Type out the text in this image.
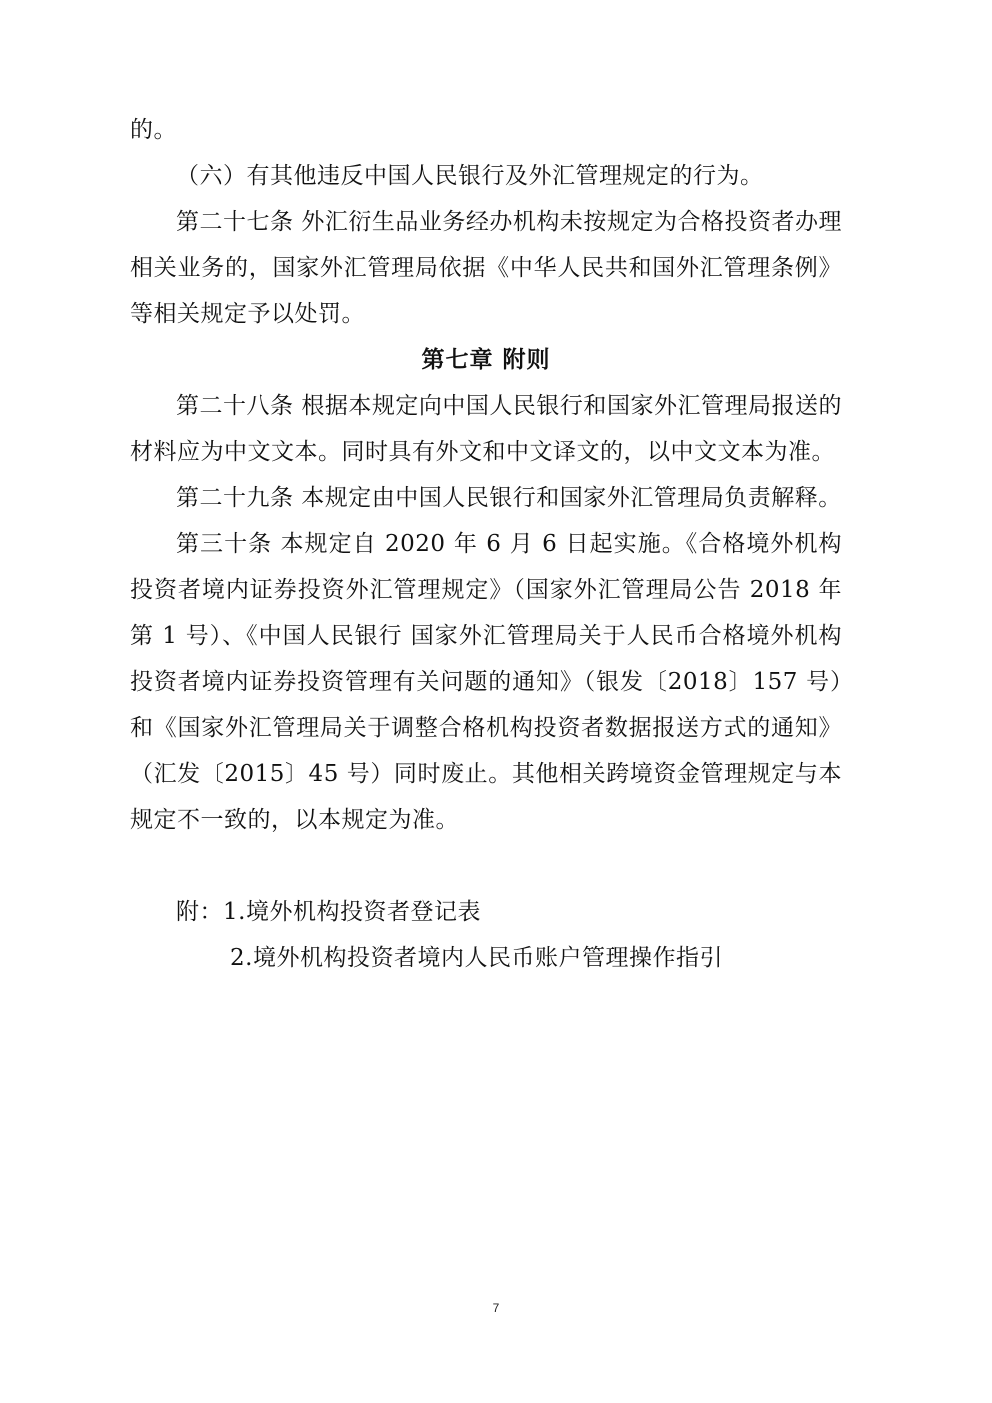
的。

（六）有其他违反中国人民银行及外汇管理规定的行为。

第二十七条 外汇衍生品业务经办机构未按规定为合格投资者办理相关业务的，国家外汇管理局依据《中华人民共和国外汇管理条例》等相关规定予以处罚。

第七章 附则

第二十八条 根据本规定向中国人民银行和国家外汇管理局报送的材料应为中文文本。同时具有外文和中文译文的，以中文文本为准。

第二十九条 本规定由中国人民银行和国家外汇管理局负责解释。

第三十条 本规定自 2020 年 6 月 6 日起实施。《合格境外机构投资者境内证券投资外汇管理规定》（国家外汇管理局公告 2018 年第 1 号）、《中国人民银行 国家外汇管理局关于人民币合格境外机构投资者境内证券投资管理有关问题的通知》（银发〔2018〕157 号）和《国家外汇管理局关于调整合格机构投资者数据报送方式的通知》（汇发〔2015〕45 号）同时废止。其他相关跨境资金管理规定与本规定不一致的，以本规定为准。

附：1.境外机构投资者登记表

2.境外机构投资者境内人民币账户管理操作指引

7
